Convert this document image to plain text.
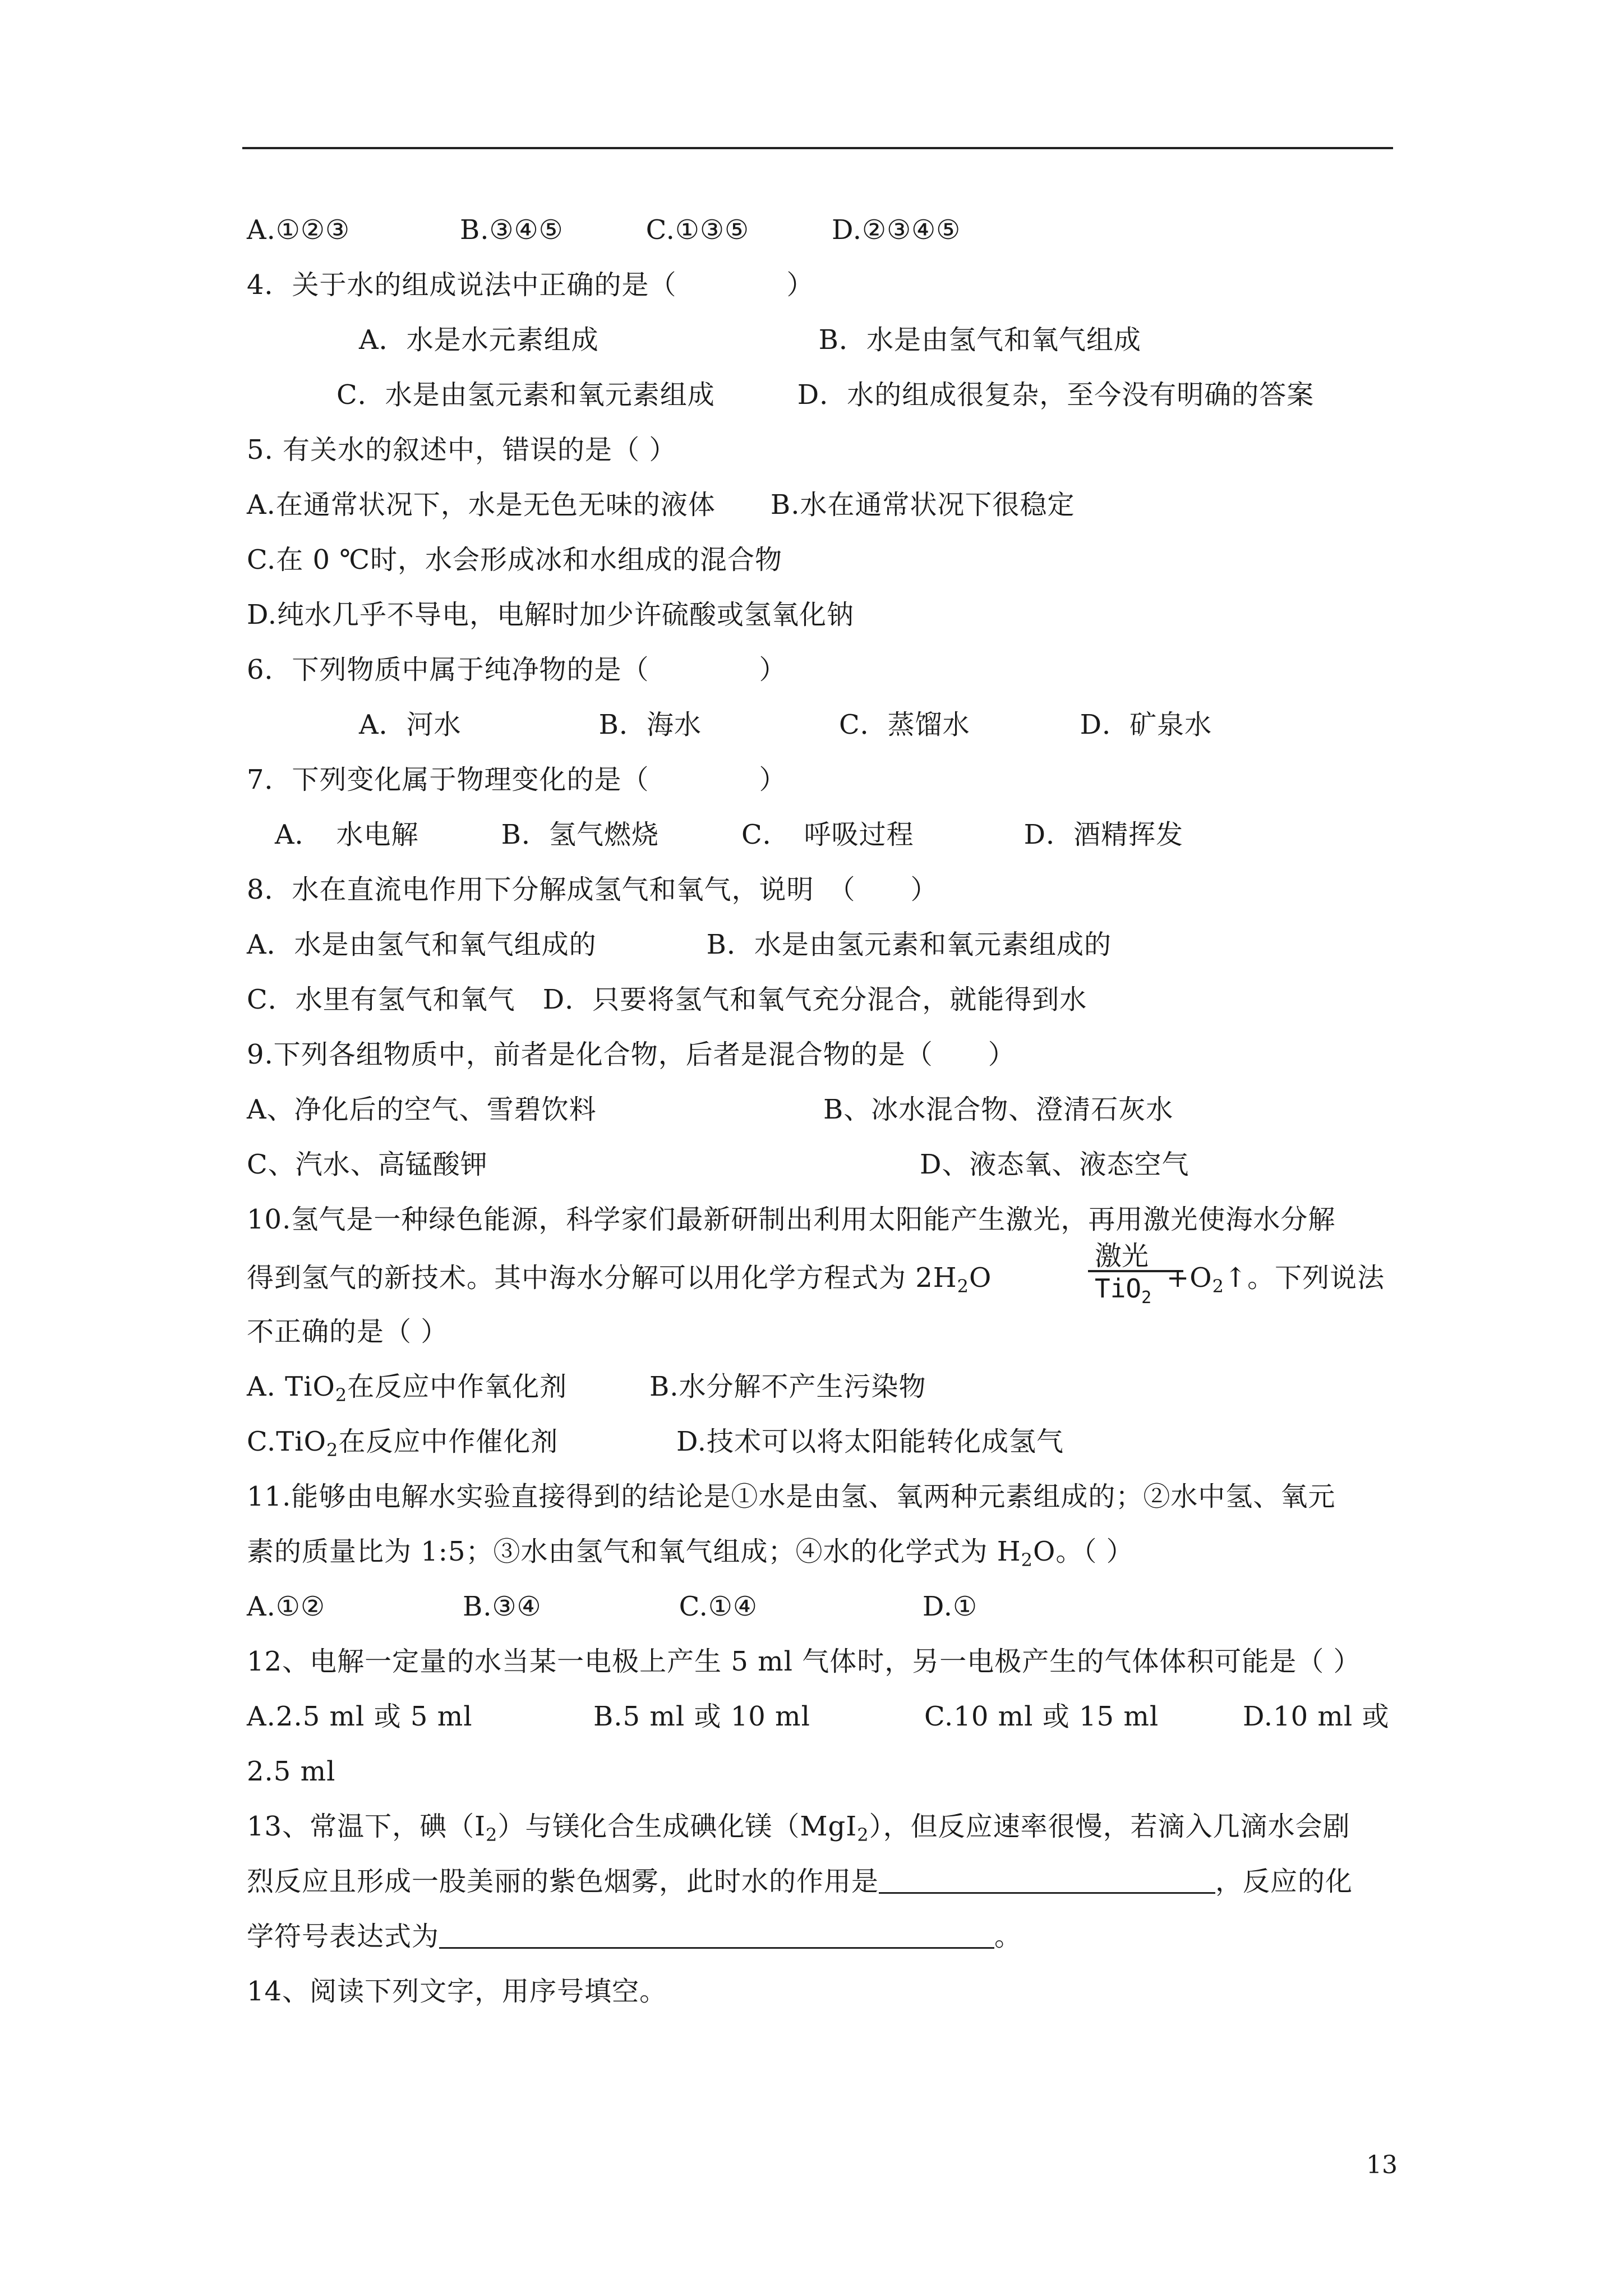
A.①②③　　　　B.③④⑤　　　C.①③⑤　　　D.②③④⑤
4．关于水的组成说法中正确的是（　　　　）
A．水是水元素组成　　　　　　　　B．水是由氢气和氧气组成
C．水是由氢元素和氧元素组成　　　D．水的组成很复杂，至今没有明确的答案
5. 有关水的叙述中，错误的是（ ）
A.在通常状况下，水是无色无味的液体　　B.水在通常状况下很稳定
C.在 0 ℃时，水会形成冰和水组成的混合物
D.纯水几乎不导电，电解时加少许硫酸或氢氧化钠
6．下列物质中属于纯净物的是（　　　　）
A．河水　　　　　B．海水　　　　　C．蒸馏水　　　　D．矿泉水
7．下列变化属于物理变化的是（　　　　）
A．　水电解　　　B．氢气燃烧　　　C．　呼吸过程　　　　D．酒精挥发
8．水在直流电作用下分解成氢气和氧气，说明　（　　）
A．水是由氢气和氧气组成的　　　　B．水是由氢元素和氧元素组成的
C．水里有氢气和氧气　D．只要将氢气和氧气充分混合，就能得到水
9.下列各组物质中，前者是化合物，后者是混合物的是（　　）
A、净化后的空气、雪碧饮料	B、冰水混合物、澄清石灰水
C、汽水、高锰酸钾	D、液态氧、液态空气
10.氢气是一种绿色能源，科学家们最新研制出利用太阳能产生激光，再用激光使海水分解
得到氢气的新技术。其中海水分解可以用化学方程式为 $2H_2O$
激光
TiO$_2$
$+O_2↑$。下列说法
不正确的是（ ）
A. TiO$_2$在反应中作氧化剂	B.水分解不产生污染物
C.TiO$_2$在反应中作催化剂	D.技术可以将太阳能转化成氢气
11.能够由电解水实验直接得到的结论是①水是由氢、氧两种元素组成的；②水中氢、氧元
素的质量比为 1:5；③水由氢气和氧气组成；④水的化学式为 $H_2O$。（ ）
A.①②　　　　　B.③④　　　　　C.①④　　　　　　D.①
12、电解一定量的水当某一电极上产生 5 ml 气体时，另一电极产生的气体体积可能是（ ）
A.2.5 ml 或 5 ml	B.5 ml 或 10 ml	C.10 ml 或 15 ml	D.10 ml 或
2.5 ml
13、常温下，碘$(I_2)$与镁化合生成碘化镁（MgI$_2$），但反应速率很慢，若滴入几滴水会剧
烈反应且形成一股美丽的紫色烟雾，此时水的作用是	，反应的化
学符号表达式为	。
14、阅读下列文字，用序号填空。
13
